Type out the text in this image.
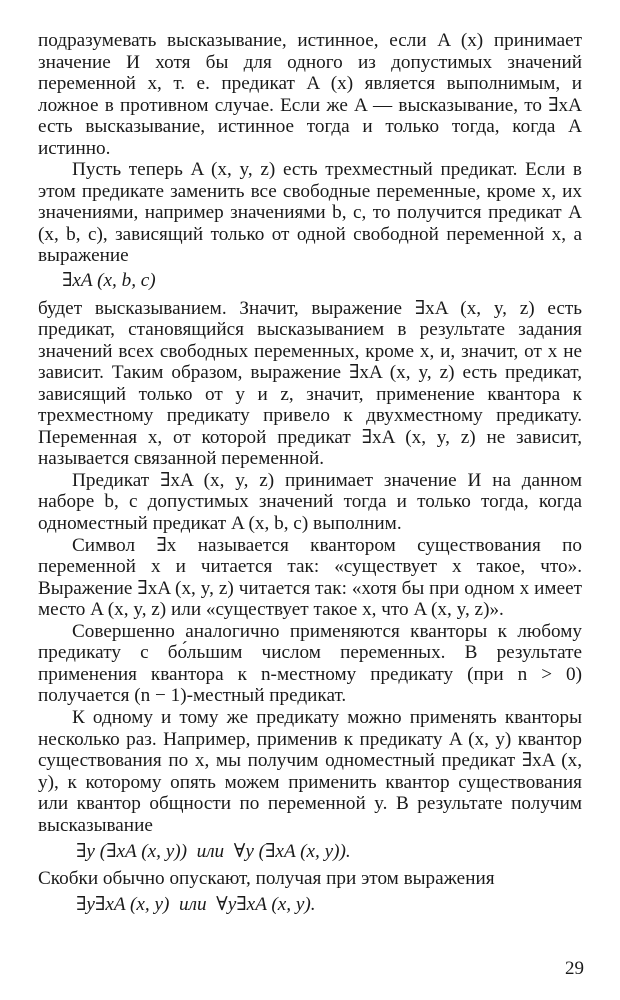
подразумевать высказывание, истинное, если A (x) принимает значение И хотя бы для одного из допустимых значений переменной x, т. е. предикат A (x) является выполнимым, и ложное в противном случае. Если же A — высказывание, то ∃xA есть высказывание, истинное тогда и только тогда, когда A истинно.

Пусть теперь A (x, y, z) есть трехместный предикат. Если в этом предикате заменить все свободные переменные, кроме x, их значениями, например значениями b, c, то получится предикат A (x, b, c), зависящий только от одной свободной переменной x, а выражение

∃xA (x, b, c)

будет высказыванием. Значит, выражение ∃xA (x, y, z) есть предикат, становящийся высказыванием в результате задания значений всех свободных переменных, кроме x, и, значит, от x не зависит. Таким образом, выражение ∃xA (x, y, z) есть предикат, зависящий только от y и z, значит, применение квантора к трехместному предикату привело к двухместному предикату. Переменная x, от которой предикат ∃xA (x, y, z) не зависит, называется связанной переменной.

Предикат ∃xA (x, y, z) принимает значение И на данном наборе b, c допустимых значений тогда и только тогда, когда одноместный предикат A (x, b, c) выполним.

Символ ∃x называется квантором существования по переменной x и читается так: «существует x такое, что». Выражение ∃xA (x, y, z) читается так: «хотя бы при одном x имеет место A (x, y, z) или «существует такое x, что A (x, y, z)».

Совершенно аналогично применяются кванторы к любому предикату с бо́льшим числом переменных. В результате применения квантора к n-местному предикату (при n > 0) получается (n − 1)-местный предикат.

К одному и тому же предикату можно применять кванторы несколько раз. Например, применив к предикату A (x, y) квантор существования по x, мы получим одноместный предикат ∃xA (x, y), к которому опять можем применить квантор существования или квантор общности по переменной y. В результате получим высказывание

∃y (∃xA (x, y))  или  ∀y (∃xA (x, y)).

Скобки обычно опускают, получая при этом выражения

∃y∃xA (x, y)  или  ∀y∃xA (x, y).
29
